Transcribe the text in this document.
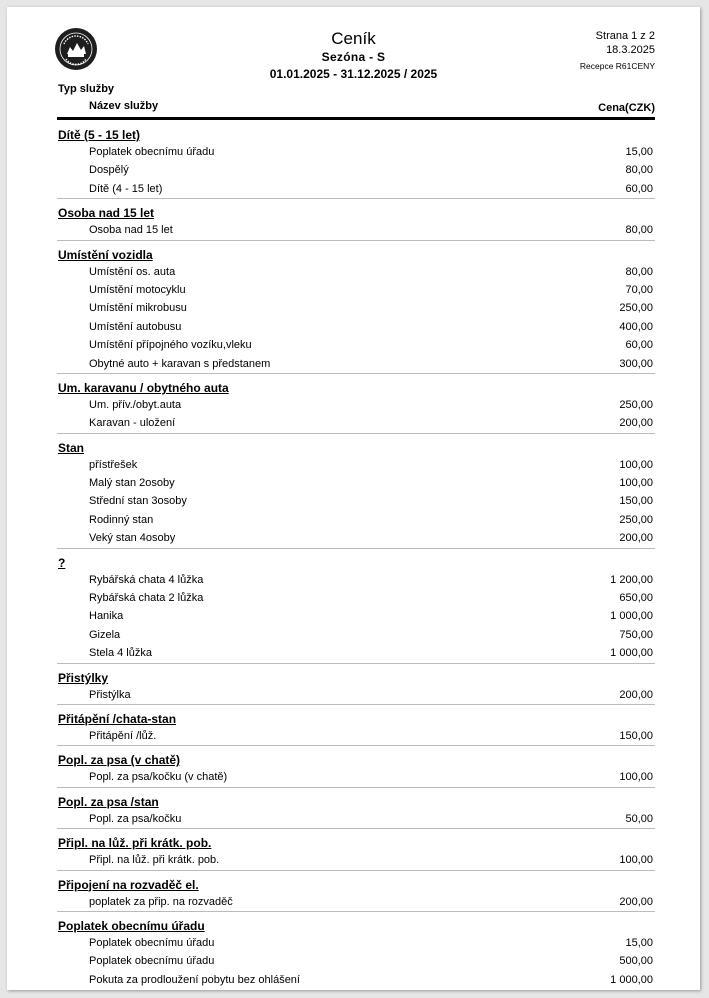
Ceník
Sezóna - S
01.01.2025 - 31.12.2025 / 2025
Strana 1 z 2
18.3.2025
Recepce R61CENY
Typ služby
Název služby	Cena(CZK)
Dítě (5 - 15 let)
Poplatek obecnímu úřadu	15,00
Dospělý	80,00
Dítě (4 - 15 let)	60,00
Osoba nad 15 let
Osoba nad 15 let	80,00
Umístění vozidla
Umístění os. auta	80,00
Umístění motocyklu	70,00
Umístění mikrobusu	250,00
Umístění autobusu	400,00
Umístění přípojného vozíku,vleku	60,00
Obytné auto + karavan s předstanem	300,00
Um. karavanu / obytného auta
Um. přív./obyt.auta	250,00
Karavan - uložení	200,00
Stan
přístřešek	100,00
Malý stan 2osoby	100,00
Střední stan 3osoby	150,00
Rodinný stan	250,00
Veký stan 4osoby	200,00
?
Rybářská chata 4 lůžka	1 200,00
Rybářská chata 2 lůžka	650,00
Hanika	1 000,00
Gizela	750,00
Stela 4 lůžka	1 000,00
Přistýlky
Přistýlka	200,00
Přitápění /chata-stan
Přitápění /lůž.	150,00
Popl. za psa (v chatě)
Popl. za psa/kočku (v chatě)	100,00
Popl. za psa /stan
Popl. za psa/kočku	50,00
Připl. na lůž. při krátk. pob.
Připl. na lůž. při krátk. pob.	100,00
Připojení na rozvaděč el.
poplatek za přip. na rozvaděč	200,00
Poplatek obecnímu úřadu
Poplatek obecnímu úřadu	15,00
Poplatek obecnímu úřadu	500,00
Pokuta za prodloužení pobytu bez ohlášení	1 000,00
